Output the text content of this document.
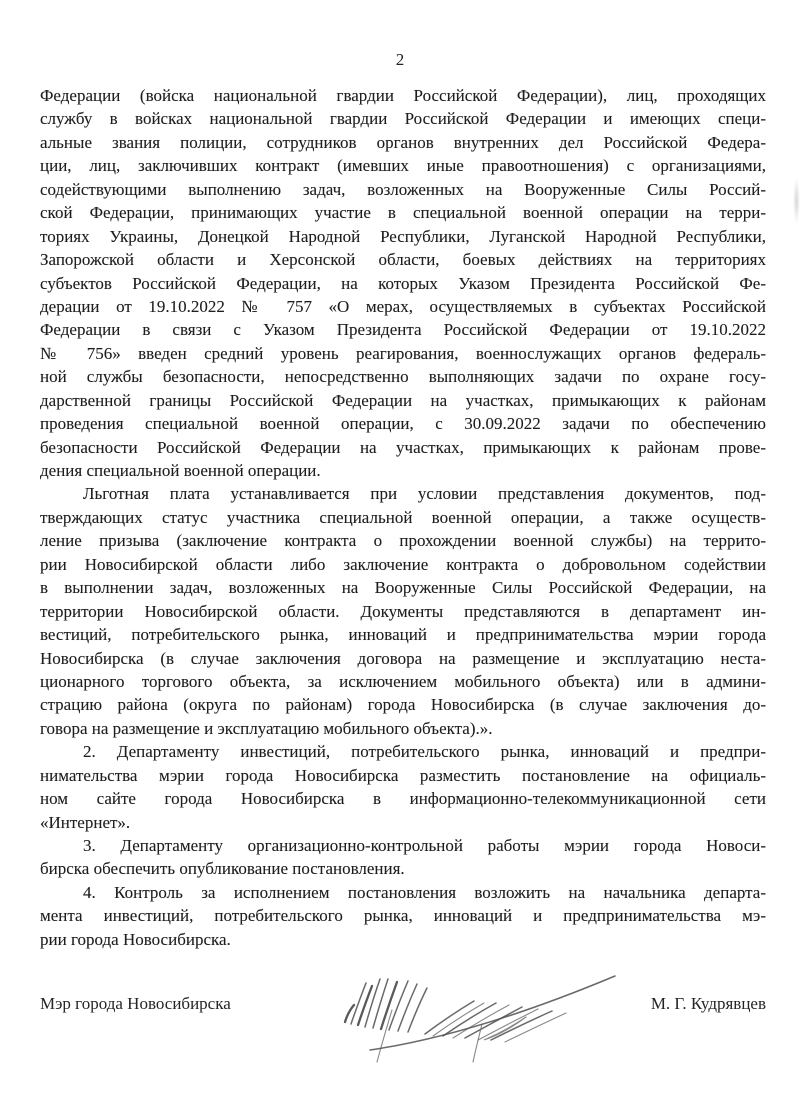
2
Федерации (войска национальной гвардии Российской Федерации), лиц, проходящих
службу в войсках национальной гвардии Российской Федерации и имеющих специ-
альные звания полиции, сотрудников органов внутренних дел Российской Федера-
ции, лиц, заключивших контракт (имевших иные правоотношения) с организациями,
содействующими выполнению задач, возложенных на Вооруженные Силы Россий-
ской Федерации, принимающих участие в специальной военной операции на терри-
ториях Украины, Донецкой Народной Республики, Луганской Народной Республики,
Запорожской области и Херсонской области, боевых действиях на территориях
субъектов Российской Федерации, на которых Указом Президента Российской Фе-
дерации от 19.10.2022 № 757 «О мерах, осуществляемых в субъектах Российской
Федерации в связи с Указом Президента Российской Федерации от 19.10.2022
№ 756» введен средний уровень реагирования, военнослужащих органов федераль-
ной службы безопасности, непосредственно выполняющих задачи по охране госу-
дарственной границы Российской Федерации на участках, примыкающих к районам
проведения специальной военной операции, с 30.09.2022 задачи по обеспечению
безопасности Российской Федерации на участках, примыкающих к районам прове-
дения специальной военной операции.
Льготная плата устанавливается при условии представления документов, под-
тверждающих статус участника специальной военной операции, а также осуществ-
ление призыва (заключение контракта о прохождении военной службы) на террито-
рии Новосибирской области либо заключение контракта о добровольном содействии
в выполнении задач, возложенных на Вооруженные Силы Российской Федерации, на
территории Новосибирской области. Документы представляются в департамент ин-
вестиций, потребительского рынка, инноваций и предпринимательства мэрии города
Новосибирска (в случае заключения договора на размещение и эксплуатацию неста-
ционарного торгового объекта, за исключением мобильного объекта) или в админи-
страцию района (округа по районам) города Новосибирска (в случае заключения до-
говора на размещение и эксплуатацию мобильного объекта).».
2. Департаменту инвестиций, потребительского рынка, инноваций и предпри-
нимательства мэрии города Новосибирска разместить постановление на официаль-
ном сайте города Новосибирска в информационно-телекоммуникационной сети
«Интернет».
3. Департаменту организационно-контрольной работы мэрии города Новоси-
бирска обеспечить опубликование постановления.
4. Контроль за исполнением постановления возложить на начальника департа-
мента инвестиций, потребительского рынка, инноваций и предпринимательства мэ-
рии города Новосибирска.
Мэр города Новосибирска	М. Г. Кудрявцев
